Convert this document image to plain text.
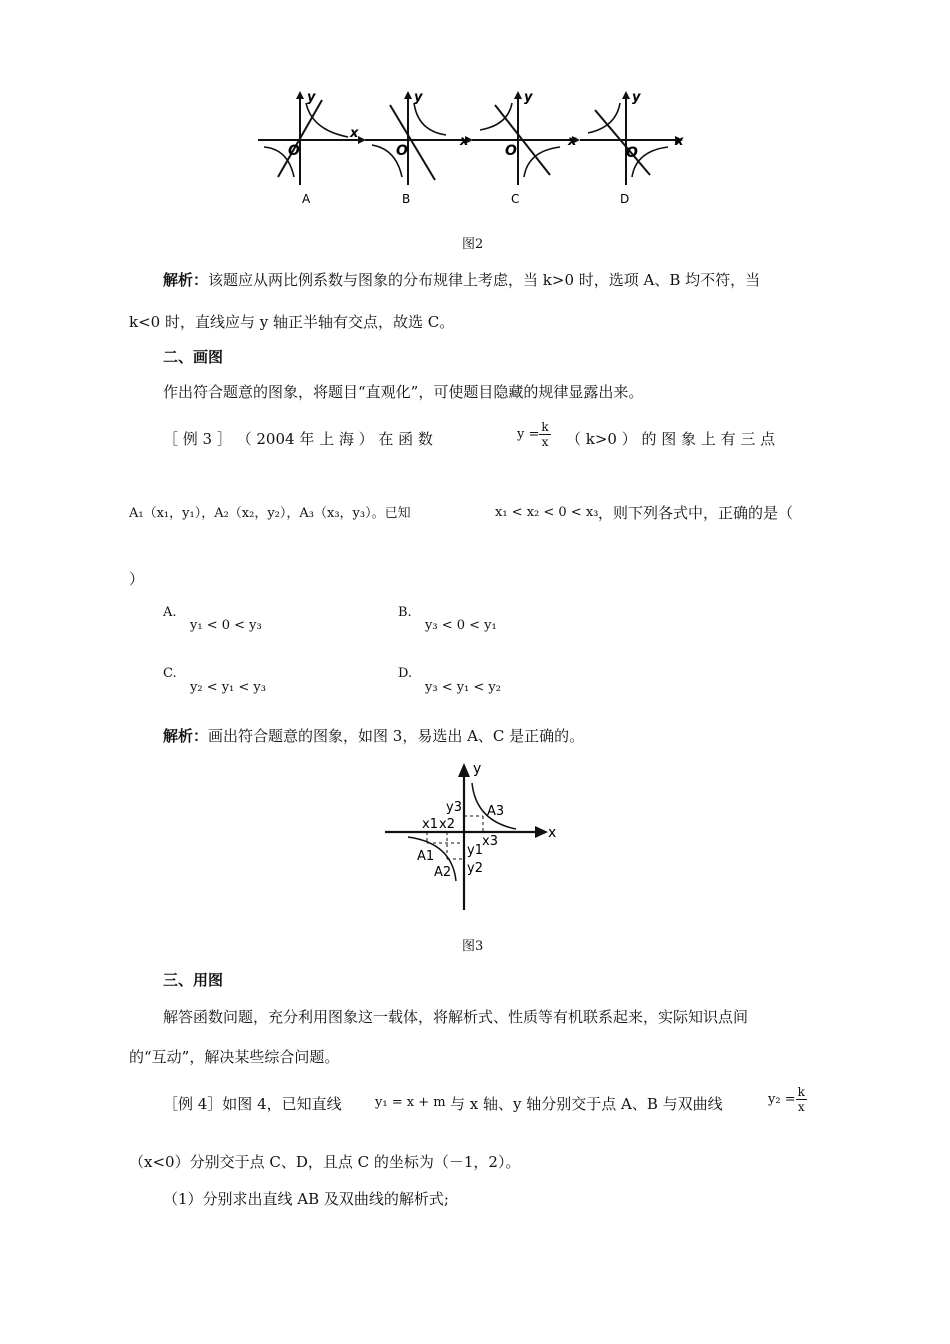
y
x
O
y
x
O
y
x
O
y
x
O
A	B	C	D
图2
解析：该题应从两比例系数与图象的分布规律上考虑，当 k>0 时，选项 A、B 均不符，当
k<0 时，直线应与 y 轴正半轴有交点，故选 C。
二、画图
作出符合题意的图象，将题目“直观化”，可使题目隐藏的规律显露出来。
［ 例 3 ］ （ 2004 年 上 海 ） 在 函 数	$y = \frac{k}{x}$ （ k>0 ） 的 图 象 上 有 三 点
A₁（x₁，y₁），A₂（x₂，y₂），A₃（x₃，y₃）。已知	x₁ < x₂ < 0 < x₃ ，则下列各式中，正确的是（
）
A.
y₁ < 0 < y₃
B.
y₃ < 0 < y₁
C.
y₂ < y₁ < y₃
D.
y₃ < y₁ < y₂
解析：画出符合题意的图象，如图 3，易选出 A、C 是正确的。
y
x
A3
y3
x1 x2
x3
y1
A1
A2 y2
图3
三、用图
解答函数问题，充分利用图象这一载体，将解析式、性质等有机联系起来，实际知识点间
的“互动”，解决某些综合问题。
［例 4］如图 4，已知直线	y₁ = x + m 与 x 轴、y 轴分别交于点 A、B 与双曲线	$y_2 = \frac{k}{x}$
（x<0）分别交于点 C、D，且点 C 的坐标为（－1，2）。
（1）分别求出直线 AB 及双曲线的解析式;
